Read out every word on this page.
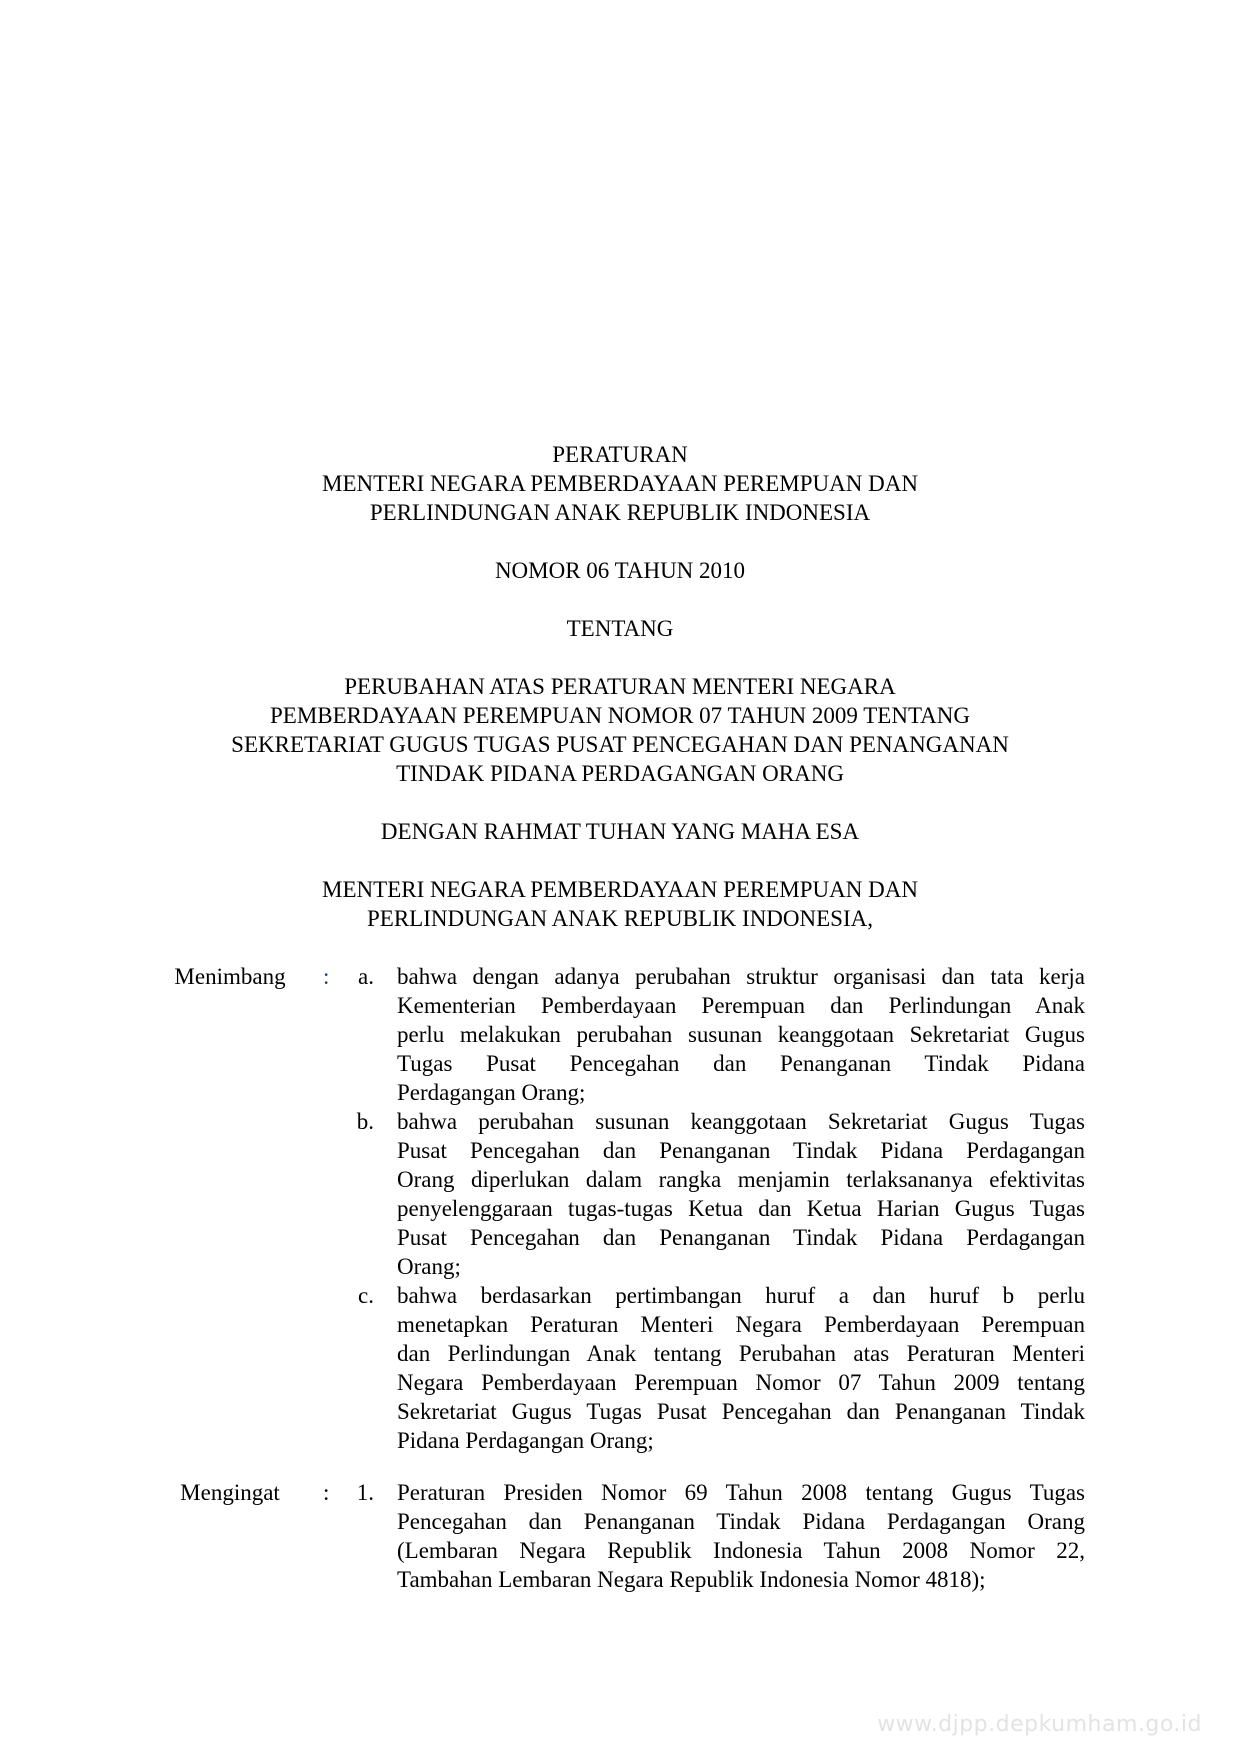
PERATURAN
MENTERI NEGARA PEMBERDAYAAN PEREMPUAN DAN
PERLINDUNGAN ANAK REPUBLIK INDONESIA
NOMOR 06 TAHUN 2010
TENTANG
PERUBAHAN ATAS PERATURAN MENTERI NEGARA
PEMBERDAYAAN PEREMPUAN NOMOR 07 TAHUN 2009 TENTANG
SEKRETARIAT GUGUS TUGAS PUSAT PENCEGAHAN DAN PENANGANAN
TINDAK PIDANA PERDAGANGAN ORANG
DENGAN RAHMAT TUHAN YANG MAHA ESA
MENTERI NEGARA PEMBERDAYAAN PEREMPUAN DAN
PERLINDUNGAN ANAK REPUBLIK INDONESIA,
Menimbang	:	a. bahwa dengan adanya perubahan struktur organisasi dan tata kerja
Kementerian Pemberdayaan Perempuan dan Perlindungan Anak
perlu melakukan perubahan susunan keanggotaan Sekretariat Gugus
Tugas Pusat Pencegahan dan Penanganan Tindak Pidana
Perdagangan Orang;
b. bahwa perubahan susunan keanggotaan Sekretariat Gugus Tugas
Pusat Pencegahan dan Penanganan Tindak Pidana Perdagangan
Orang diperlukan dalam rangka menjamin terlaksananya efektivitas
penyelenggaraan tugas-tugas Ketua dan Ketua Harian Gugus Tugas
Pusat Pencegahan dan Penanganan Tindak Pidana Perdagangan
Orang;
c. bahwa berdasarkan pertimbangan huruf a dan huruf b perlu
menetapkan Peraturan Menteri Negara Pemberdayaan Perempuan
dan Perlindungan Anak tentang Perubahan atas Peraturan Menteri
Negara Pemberdayaan Perempuan Nomor 07 Tahun 2009 tentang
Sekretariat Gugus Tugas Pusat Pencegahan dan Penanganan Tindak
Pidana Perdagangan Orang;
Mengingat	:	1. Peraturan Presiden Nomor 69 Tahun 2008 tentang Gugus Tugas
Pencegahan dan Penanganan Tindak Pidana Perdagangan Orang
(Lembaran Negara Republik Indonesia Tahun 2008 Nomor 22,
Tambahan Lembaran Negara Republik Indonesia Nomor 4818);
www.djpp.depkumham.go.id
